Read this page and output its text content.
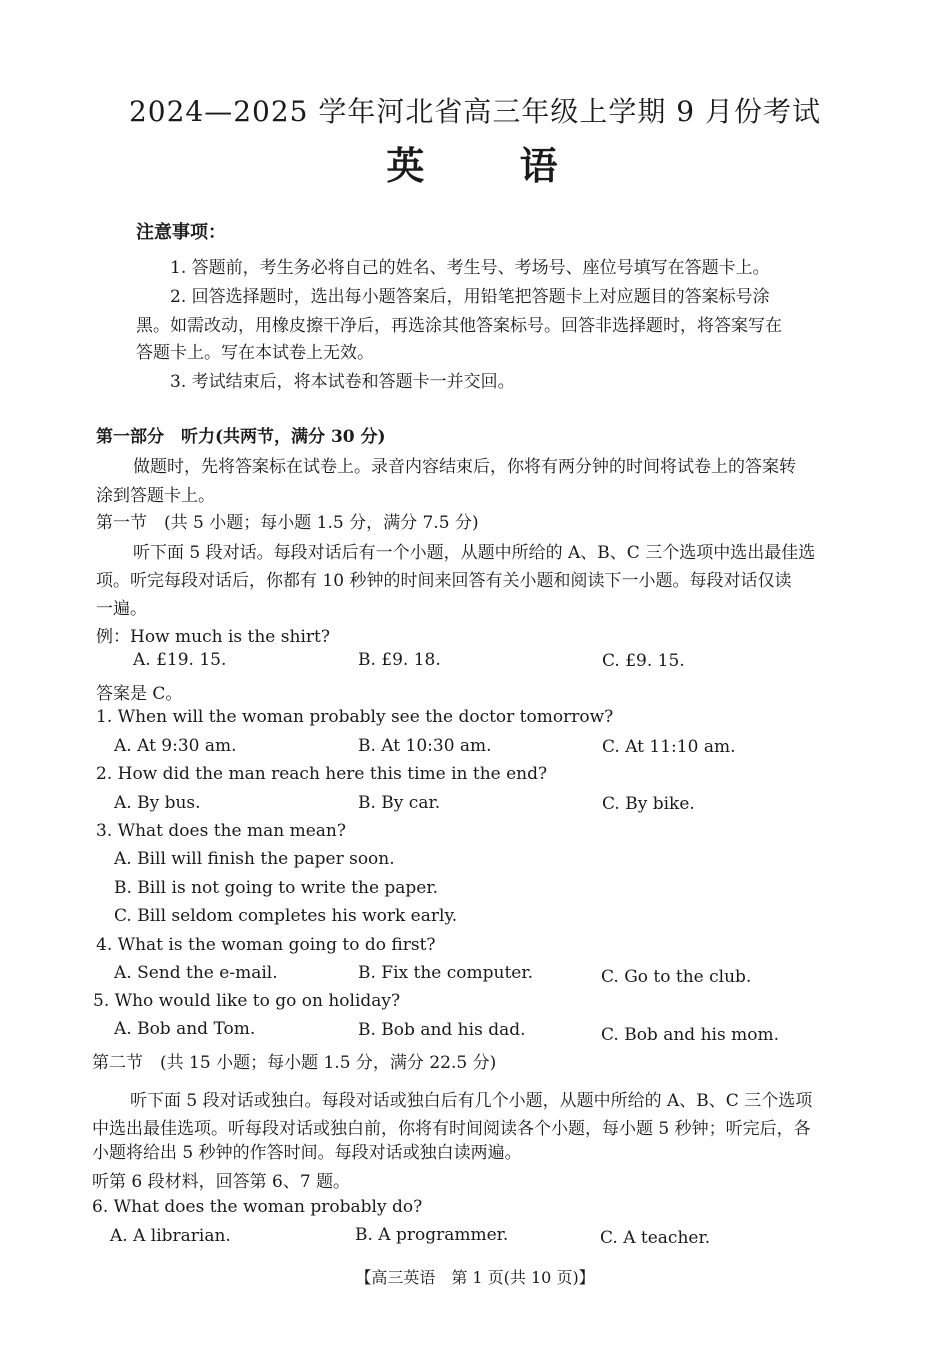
2024—2025 学年河北省高三年级上学期 9 月份考试
英 语
注意事项：
1. 答题前，考生务必将自己的姓名、考生号、考场号、座位号填写在答题卡上。
2. 回答选择题时，选出每小题答案后，用铅笔把答题卡上对应题目的答案标号涂
黑。如需改动，用橡皮擦干净后，再选涂其他答案标号。回答非选择题时，将答案写在
答题卡上。写在本试卷上无效。
3. 考试结束后，将本试卷和答题卡一并交回。
第一部分　听力(共两节，满分 30 分)
做题时，先将答案标在试卷上。录音内容结束后，你将有两分钟的时间将试卷上的答案转
涂到答题卡上。
第一节　(共 5 小题；每小题 1.5 分，满分 7.5 分)
听下面 5 段对话。每段对话后有一个小题，从题中所给的 A、B、C 三个选项中选出最佳选
项。听完每段对话后，你都有 10 秒钟的时间来回答有关小题和阅读下一小题。每段对话仅读
一遍。
例：How much is the shirt?
A. £19. 15.	B. £9. 18.	C. £9. 15.
答案是 C。
1. When will the woman probably see the doctor tomorrow?
A. At 9:30 am.	B. At 10:30 am.	C. At 11:10 am.
2. How did the man reach here this time in the end?
A. By bus.	B. By car.	C. By bike.
3. What does the man mean?
A. Bill will finish the paper soon.
B. Bill is not going to write the paper.
C. Bill seldom completes his work early.
4. What is the woman going to do first?
A. Send the e-mail.	B. Fix the computer.	C. Go to the club.
5. Who would like to go on holiday?
A. Bob and Tom.	B. Bob and his dad.	C. Bob and his mom.
第二节　(共 15 小题；每小题 1.5 分，满分 22.5 分)
听下面 5 段对话或独白。每段对话或独白后有几个小题，从题中所给的 A、B、C 三个选项
中选出最佳选项。听每段对话或独白前，你将有时间阅读各个小题，每小题 5 秒钟；听完后，各
小题将给出 5 秒钟的作答时间。每段对话或独白读两遍。
听第 6 段材料，回答第 6、7 题。
6. What does the woman probably do?
A. A librarian.	B. A programmer.	C. A teacher.
【高三英语　第 1 页(共 10 页)】
